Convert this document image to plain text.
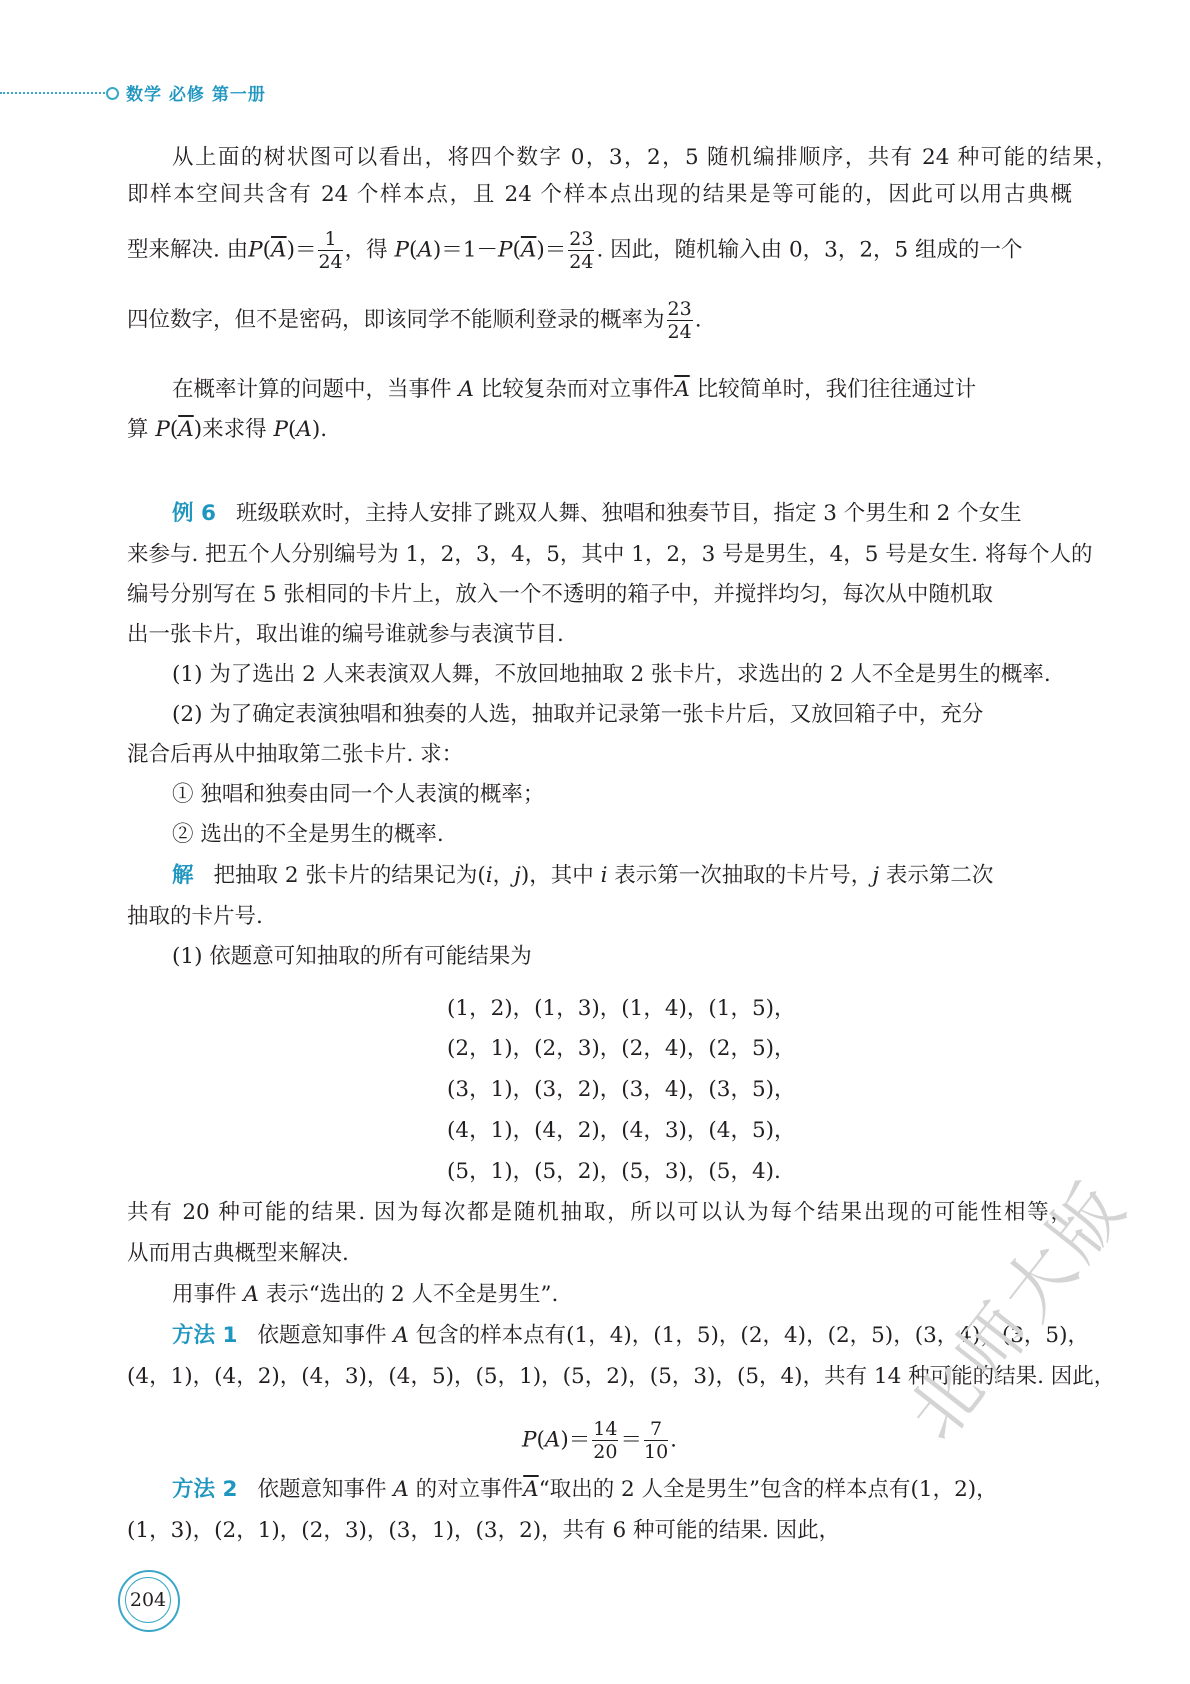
数学 必修 第一册
从上面的树状图可以看出，将四个数字 0，3，2，5 随机编排顺序，共有 24 种可能的结果，
即样本空间共含有 24 个样本点，且 24 个样本点出现的结果是等可能的，因此可以用古典概
型来解决. 由$P(\overline{A})= \frac{1}{24}$ ，得 $P(A)=1-P(\overline{A})= \frac{23}{24}$ . 因此，随机输入由 0，3，2，5 组成的一个
四位数字，但不是密码，即该同学不能顺利登录的概率为 $\frac{23}{24}$ .
在概率计算的问题中，当事件 A 比较复杂而对立事件$\overline{A}$ 比较简单时，我们往往通过计
算 $P(\overline{A})$来求得 P(A).
例 6 班级联欢时，主持人安排了跳双人舞、独唱和独奏节目，指定 3 个男生和 2 个女生
来参与. 把五个人分别编号为 1，2，3，4，5，其中 1，2，3 号是男生，4，5 号是女生. 将每个人的
编号分别写在 5 张相同的卡片上，放入一个不透明的箱子中，并搅拌均匀，每次从中随机取
出一张卡片，取出谁的编号谁就参与表演节目.
(1) 为了选出 2 人来表演双人舞，不放回地抽取 2 张卡片，求选出的 2 人不全是男生的概率.
(2) 为了确定表演独唱和独奏的人选，抽取并记录第一张卡片后，又放回箱子中，充分
混合后再从中抽取第二张卡片. 求：
① 独唱和独奏由同一个人表演的概率；
② 选出的不全是男生的概率.
解 把抽取 2 张卡片的结果记为(i，j)，其中 i 表示第一次抽取的卡片号，j 表示第二次
抽取的卡片号.
(1) 依题意可知抽取的所有可能结果为
(1，2)，(1，3)，(1，4)，(1，5)，
(2，1)，(2，3)，(2，4)，(2，5)，
(3，1)，(3，2)，(3，4)，(3，5)，
(4，1)，(4，2)，(4，3)，(4，5)，
(5，1)，(5，2)，(5，3)，(5，4).
共有 20 种可能的结果. 因为每次都是随机抽取，所以可以认为每个结果出现的可能性相等，
从而用古典概型来解决.
用事件 A 表示“选出的 2 人不全是男生”.
方法 1 依题意知事件 A 包含的样本点有(1，4)，(1，5)，(2，4)，(2，5)，(3，4)，(3，5)，
(4，1)，(4，2)，(4，3)，(4，5)，(5，1)，(5，2)，(5，3)，(5，4)，共有 14 种可能的结果. 因此，
$P(A)= \frac{14}{20} = \frac{7}{10}$ .
方法 2 依题意知事件 A 的对立事件$\overline{A}“$取出的 2 人全是男生”包含的样本点有(1，2)，
(1，3)，(2，1)，(2，3)，(3，1)，(3，2)，共有 6 种可能的结果. 因此，
204
北师大版
